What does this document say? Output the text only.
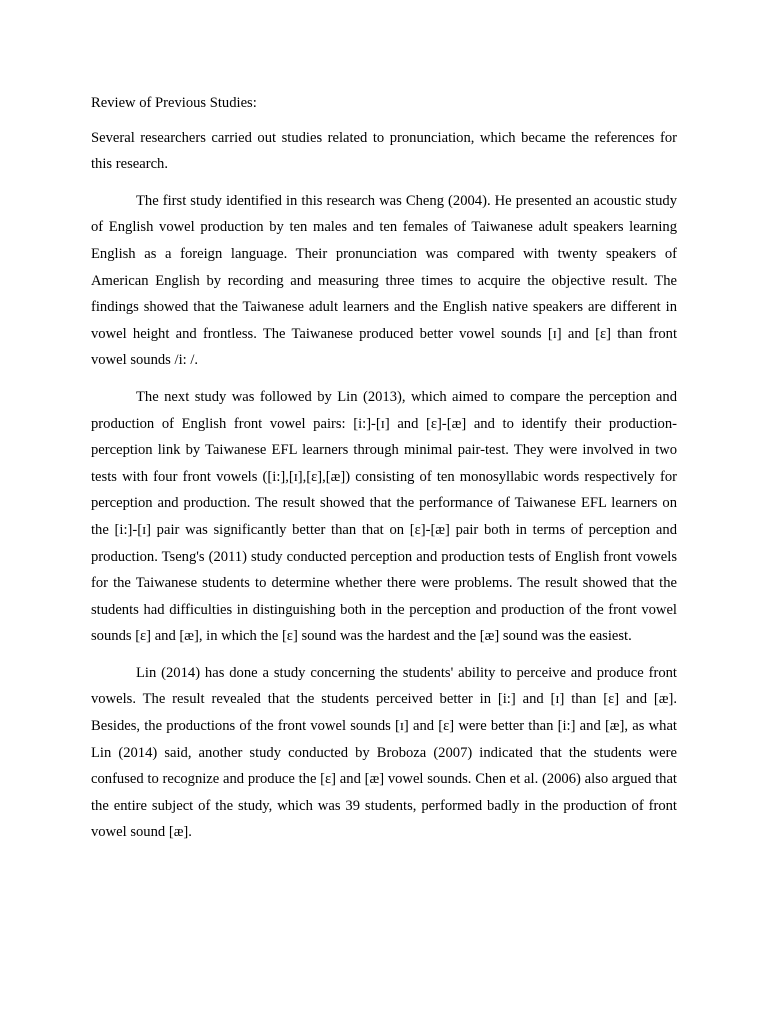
Review of Previous Studies:

Several researchers carried out studies related to pronunciation, which became the references for this research.

The first study identified in this research was Cheng (2004). He presented an acoustic study of English vowel production by ten males and ten females of Taiwanese adult speakers learning English as a foreign language. Their pronunciation was compared with twenty speakers of American English by recording and measuring three times to acquire the objective result. The findings showed that the Taiwanese adult learners and the English native speakers are different in vowel height and frontless. The Taiwanese produced better vowel sounds [ɪ] and [ɛ] than front vowel sounds /i: /.

The next study was followed by Lin (2013), which aimed to compare the perception and production of English front vowel pairs: [i:]-[ɪ] and [ɛ]-[æ] and to identify their production-perception link by Taiwanese EFL learners through minimal pair-test. They were involved in two tests with four front vowels ([i:],[ɪ],[ɛ],[æ]) consisting of ten monosyllabic words respectively for perception and production. The result showed that the performance of Taiwanese EFL learners on the [i:]-[ɪ] pair was significantly better than that on [ɛ]-[æ] pair both in terms of perception and production. Tseng's (2011) study conducted perception and production tests of English front vowels for the Taiwanese students to determine whether there were problems. The result showed that the students had difficulties in distinguishing both in the perception and production of the front vowel sounds [ɛ] and [æ], in which the [ɛ] sound was the hardest and the [æ] sound was the easiest.

Lin (2014) has done a study concerning the students' ability to perceive and produce front vowels. The result revealed that the students perceived better in [i:] and [ɪ] than [ɛ] and [æ]. Besides, the productions of the front vowel sounds [ɪ] and [ɛ] were better than [i:] and [æ], as what Lin (2014) said, another study conducted by Broboza (2007) indicated that the students were confused to recognize and produce the [ɛ] and [æ] vowel sounds. Chen et al. (2006) also argued that the entire subject of the study, which was 39 students, performed badly in the production of front vowel sound [æ].
